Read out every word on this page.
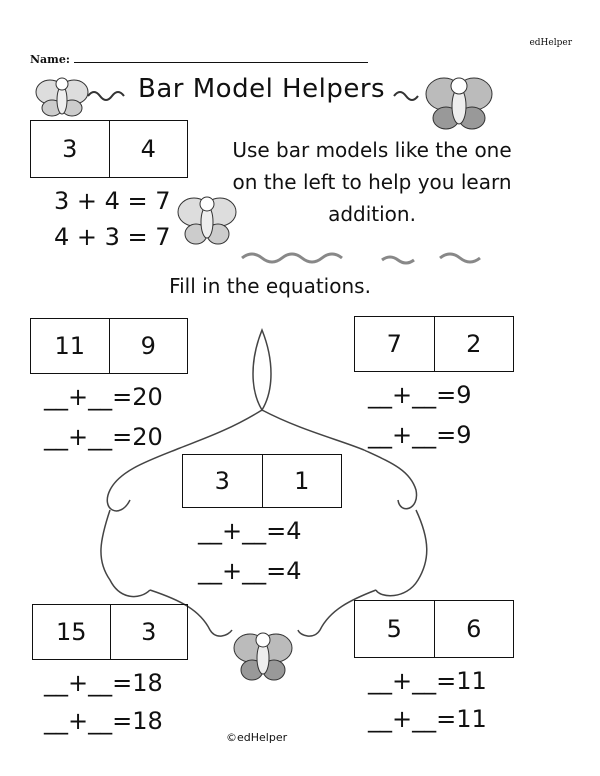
edHelper
Name:
Bar Model Helpers
3	4
3 + 4 = 7
4 + 3 = 7
Use bar models like the one on the left to help you learn addition.
Fill in the equations.
11	9
__+__=20
__+__=20
7	2
__+__=9
__+__=9
3	1
__+__=4
__+__=4
15	3
__+__=18
__+__=18
5	6
__+__=11
__+__=11
©edHelper
